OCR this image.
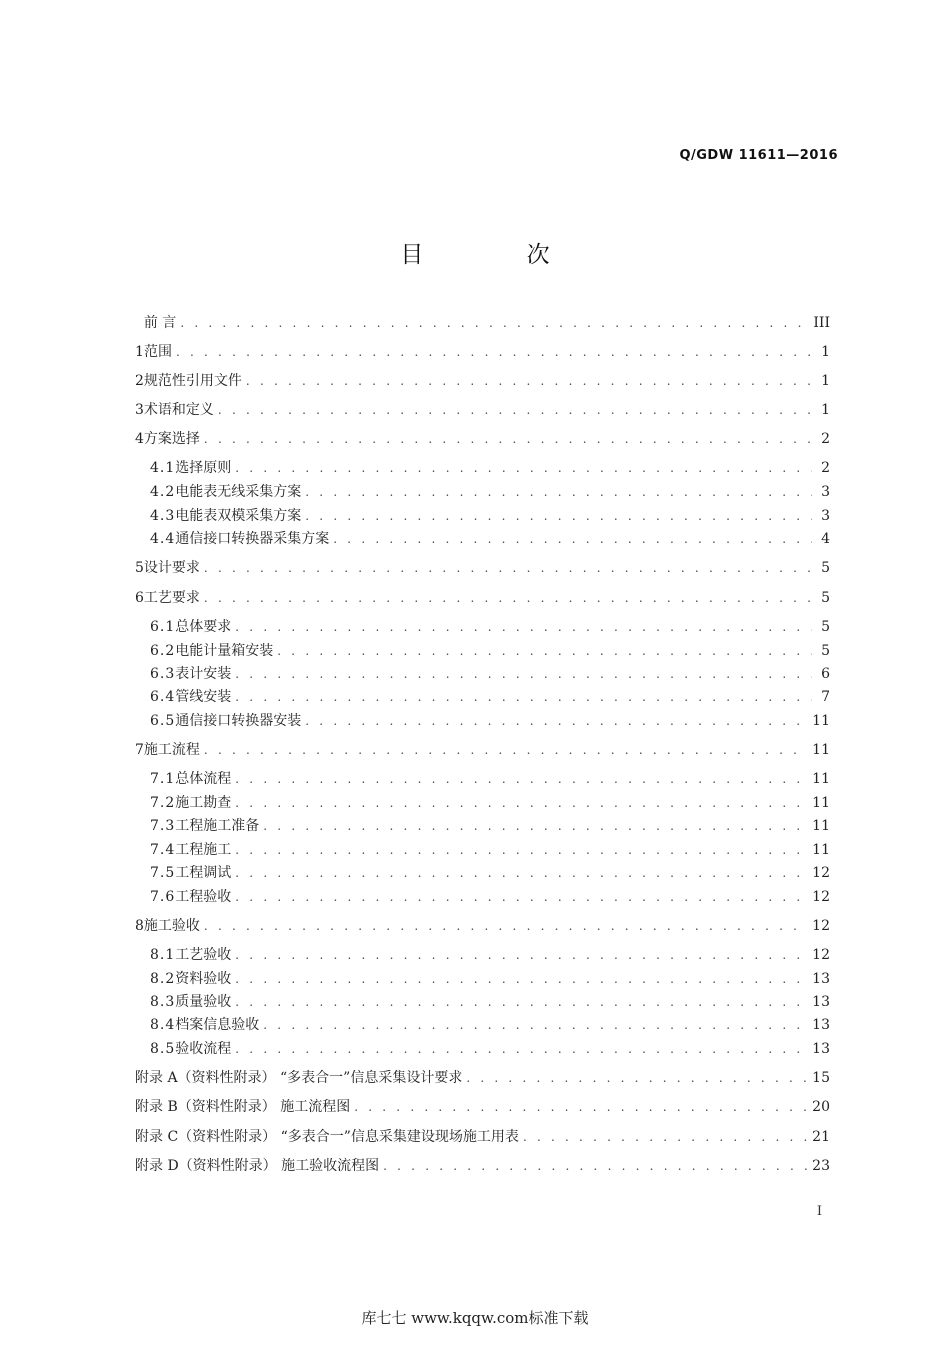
Q/GDW 11611—2016
目 次
前 言 . . .	III
1 范围 . . .	1
2 规范性引用文件 . . .	1
3 术语和定义 . . .	1
4 方案选择 . . .	2
4.1 选择原则 . . .	2
4.2 电能表无线采集方案 . . .	3
4.3 电能表双模采集方案 . . .	3
4.4 通信接口转换器采集方案 . . .	4
5 设计要求 . . .	5
6 工艺要求 . . .	5
6.1 总体要求 . . .	5
6.2 电能计量箱安装 . . .	5
6.3 表计安装 . . .	6
6.4 管线安装 . . .	7
6.5 通信接口转换器安装 . . .	11
7 施工流程 . . .	11
7.1 总体流程 . . .	11
7.2 施工勘查 . . .	11
7.3 工程施工准备 . . .	11
7.4 工程施工 . . .	11
7.5 工程调试 . . .	12
7.6 工程验收 . . .	12
8 施工验收 . . .	12
8.1 工艺验收 . . .	12
8.2 资料验收 . . .	13
8.3 质量验收 . . .	13
8.4 档案信息验收 . . .	13
8.5 验收流程 . . .	13
附录 A（资料性附录） “多表合一”信息采集设计要求 . . .	15
附录 B（资料性附录） 施工流程图 . . .	20
附录 C（资料性附录） “多表合一”信息采集建设现场施工用表 . . .	21
附录 D（资料性附录） 施工验收流程图 . . .	23
I
库七七 www.kqqw.com标准下载
